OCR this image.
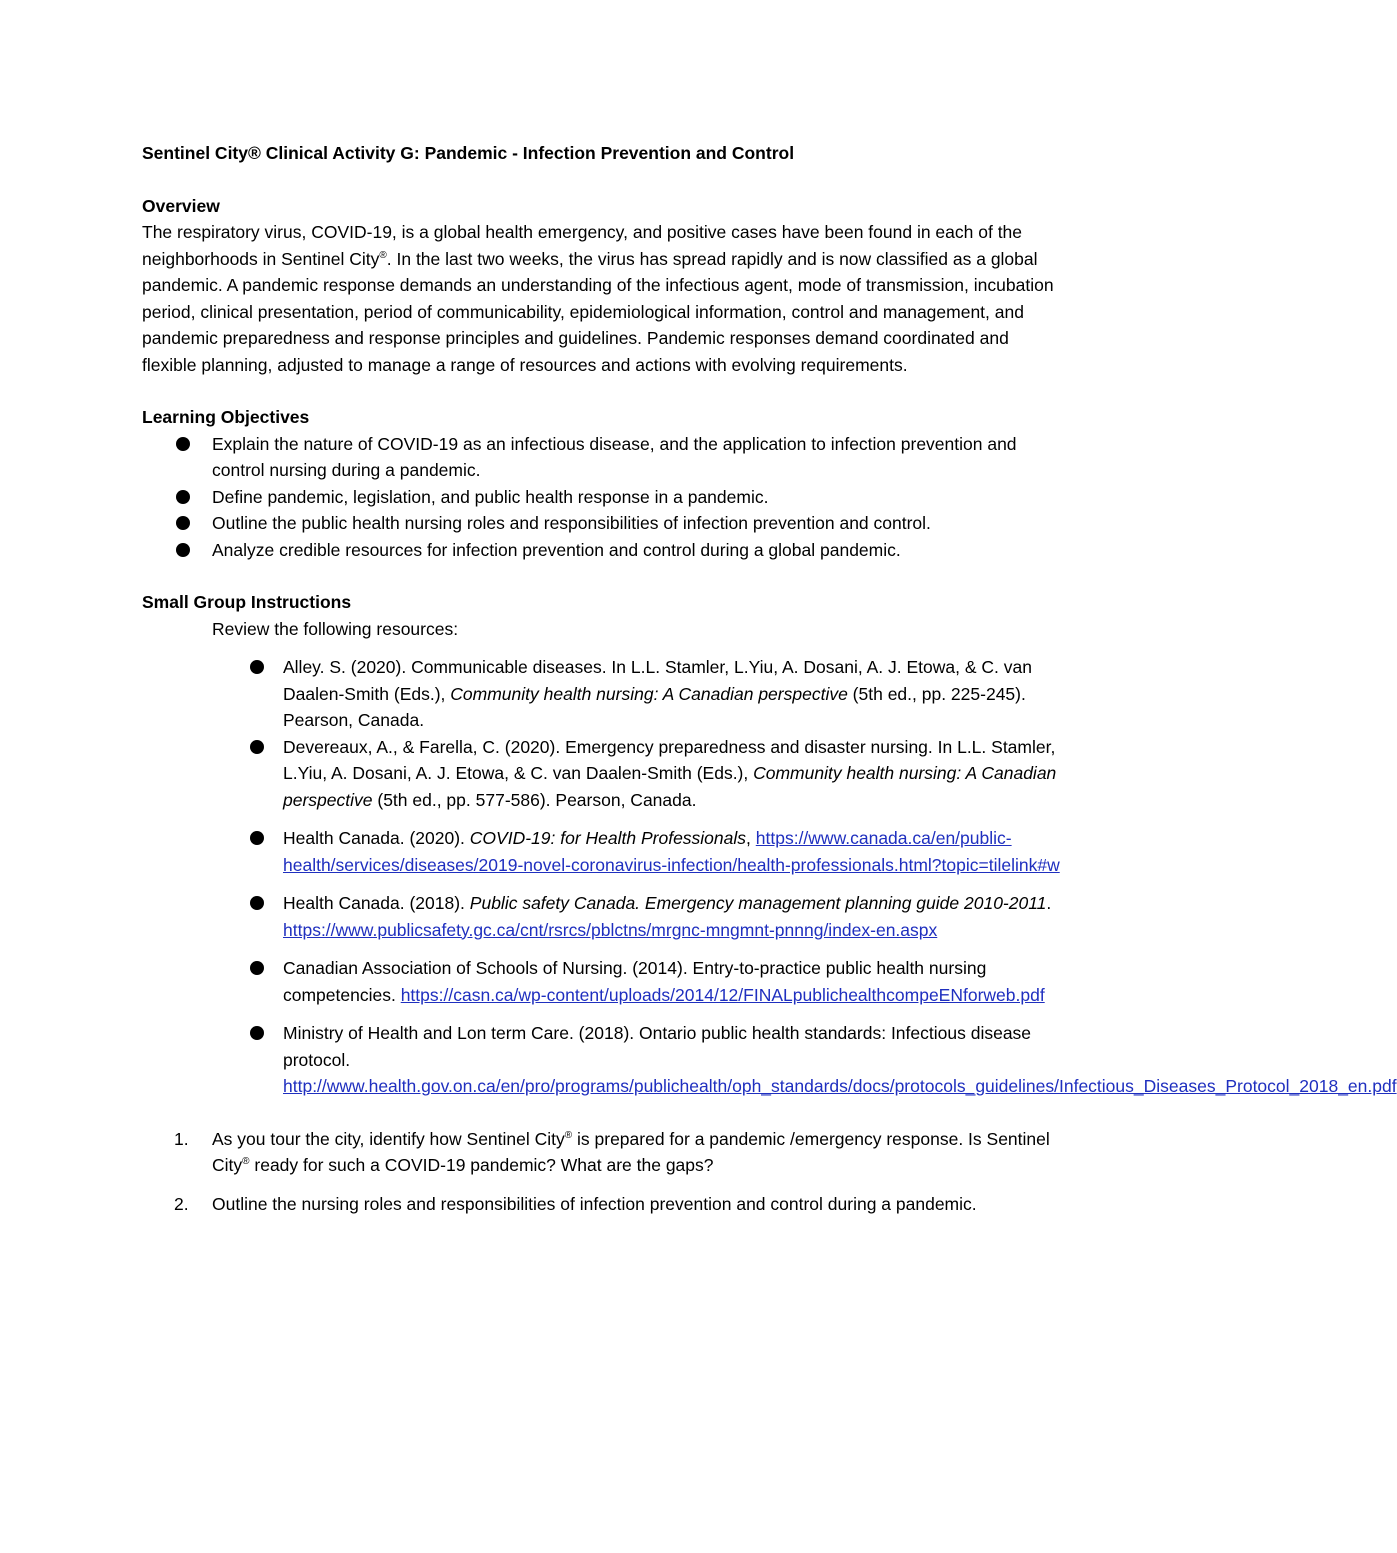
Sentinel City® Clinical Activity G: Pandemic - Infection Prevention and Control

Overview

The respiratory virus, COVID-19, is a global health emergency, and positive cases have been found in each of the neighborhoods in Sentinel City®. In the last two weeks, the virus has spread rapidly and is now classified as a global pandemic. A pandemic response demands an understanding of the infectious agent, mode of transmission, incubation period, clinical presentation, period of communicability, epidemiological information, control and management, and pandemic preparedness and response principles and guidelines. Pandemic responses demand coordinated and flexible planning, adjusted to manage a range of resources and actions with evolving requirements.

Learning Objectives

Explain the nature of COVID-19 as an infectious disease, and the application to infection prevention and control nursing during a pandemic.
Define pandemic, legislation, and public health response in a pandemic.
Outline the public health nursing roles and responsibilities of infection prevention and control.
Analyze credible resources for infection prevention and control during a global pandemic.

Small Group Instructions

Review the following resources:

Alley. S. (2020). Communicable diseases. In L.L. Stamler, L.Yiu, A. Dosani, A. J. Etowa, & C. van Daalen-Smith (Eds.), Community health nursing: A Canadian perspective (5th ed., pp. 225-245). Pearson, Canada.
Devereaux, A., & Farella, C. (2020). Emergency preparedness and disaster nursing. In L.L. Stamler, L.Yiu, A. Dosani, A. J. Etowa, & C. van Daalen-Smith (Eds.), Community health nursing: A Canadian perspective (5th ed., pp. 577-586). Pearson, Canada.
Health Canada. (2020). COVID-19: for Health Professionals, https://www.canada.ca/en/public-health/services/diseases/2019-novel-coronavirus-infection/health-professionals.html?topic=tilelink#w
Health Canada. (2018). Public safety Canada. Emergency management planning guide 2010-2011. https://www.publicsafety.gc.ca/cnt/rsrcs/pblctns/mrgnc-mngmnt-pnnng/index-en.aspx
Canadian Association of Schools of Nursing. (2014). Entry-to-practice public health nursing competencies. https://casn.ca/wp-content/uploads/2014/12/FINALpublichealthcompeENforweb.pdf
Ministry of Health and Lon term Care. (2018). Ontario public health standards: Infectious disease protocol. http://www.health.gov.on.ca/en/pro/programs/publichealth/oph_standards/docs/protocols_guidelines/Infectious_Diseases_Protocol_2018_en.pdf
1. As you tour the city, identify how Sentinel City® is prepared for a pandemic /emergency response. Is Sentinel City® ready for such a COVID-19 pandemic? What are the gaps?
2. Outline the nursing roles and responsibilities of infection prevention and control during a pandemic.
